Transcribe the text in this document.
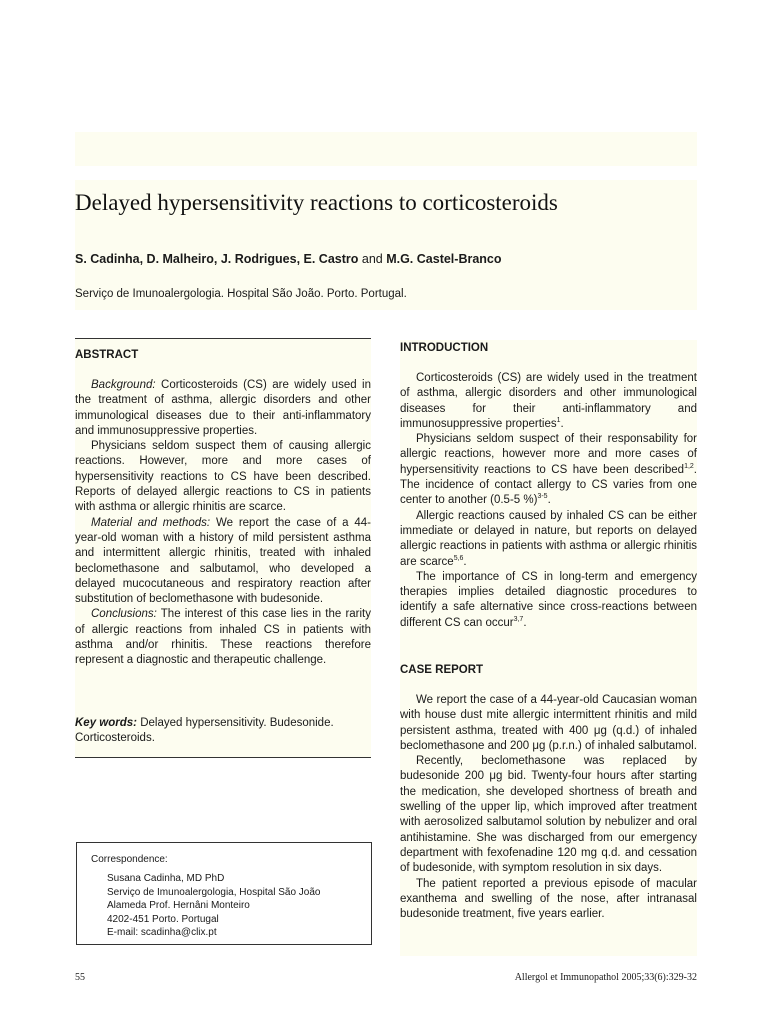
Delayed hypersensitivity reactions to corticosteroids
S. Cadinha, D. Malheiro, J. Rodrigues, E. Castro and M.G. Castel-Branco
Serviço de Imunoalergologia. Hospital São João. Porto. Portugal.
ABSTRACT

Background: Corticosteroids (CS) are widely used in the treatment of asthma, allergic disorders and other immunological diseases due to their anti-inflammatory and immunosuppressive properties.

Physicians seldom suspect them of causing allergic reactions. However, more and more cases of hypersensitivity reactions to CS have been described. Reports of delayed allergic reactions to CS in patients with asthma or allergic rhinitis are scarce.

Material and methods: We report the case of a 44-year-old woman with a history of mild persistent asthma and intermittent allergic rhinitis, treated with inhaled beclomethasone and salbutamol, who developed a delayed mucocutaneous and respiratory reaction after substitution of beclomethasone with budesonide.

Conclusions: The interest of this case lies in the rarity of allergic reactions from inhaled CS in patients with asthma and/or rhinitis. These reactions therefore represent a diagnostic and therapeutic challenge.

Key words: Delayed hypersensitivity. Budesonide. Corticosteroids.
Correspondence:
Susana Cadinha, MD PhD
Serviço de Imunoalergologia, Hospital São João
Alameda Prof. Hernâni Monteiro
4202-451 Porto. Portugal
E-mail: scadinha@clix.pt
INTRODUCTION

Corticosteroids (CS) are widely used in the treatment of asthma, allergic disorders and other immunological diseases for their anti-inflammatory and immunosuppressive properties$^1$.

Physicians seldom suspect of their responsability for allergic reactions, however more and more cases of hypersensitivity reactions to CS have been described$^{1,2}$. The incidence of contact allergy to CS varies from one center to another (0.5-5 %)$^{3-5}$.

Allergic reactions caused by inhaled CS can be either immediate or delayed in nature, but reports on delayed allergic reactions in patients with asthma or allergic rhinitis are scarce$^{5,6}$.

The importance of CS in long-term and emergency therapies implies detailed diagnostic procedures to identify a safe alternative since cross-reactions between different CS can occur$^{3,7}$.

CASE REPORT

We report the case of a 44-year-old Caucasian woman with house dust mite allergic intermittent rhinitis and mild persistent asthma, treated with 400 μg (q.d.) of inhaled beclomethasone and 200 μg (p.r.n.) of inhaled salbutamol.

Recently, beclomethasone was replaced by budesonide 200 μg bid. Twenty-four hours after starting the medication, she developed shortness of breath and swelling of the upper lip, which improved after treatment with aerosolized salbutamol solution by nebulizer and oral antihistamine. She was discharged from our emergency department with fexofenadine 120 mg q.d. and cessation of budesonide, with symptom resolution in six days.

The patient reported a previous episode of macular exanthema and swelling of the nose, after intranasal budesonide treatment, five years earlier.

55	Allergol et Immunopathol 2005;33(6):329-32
